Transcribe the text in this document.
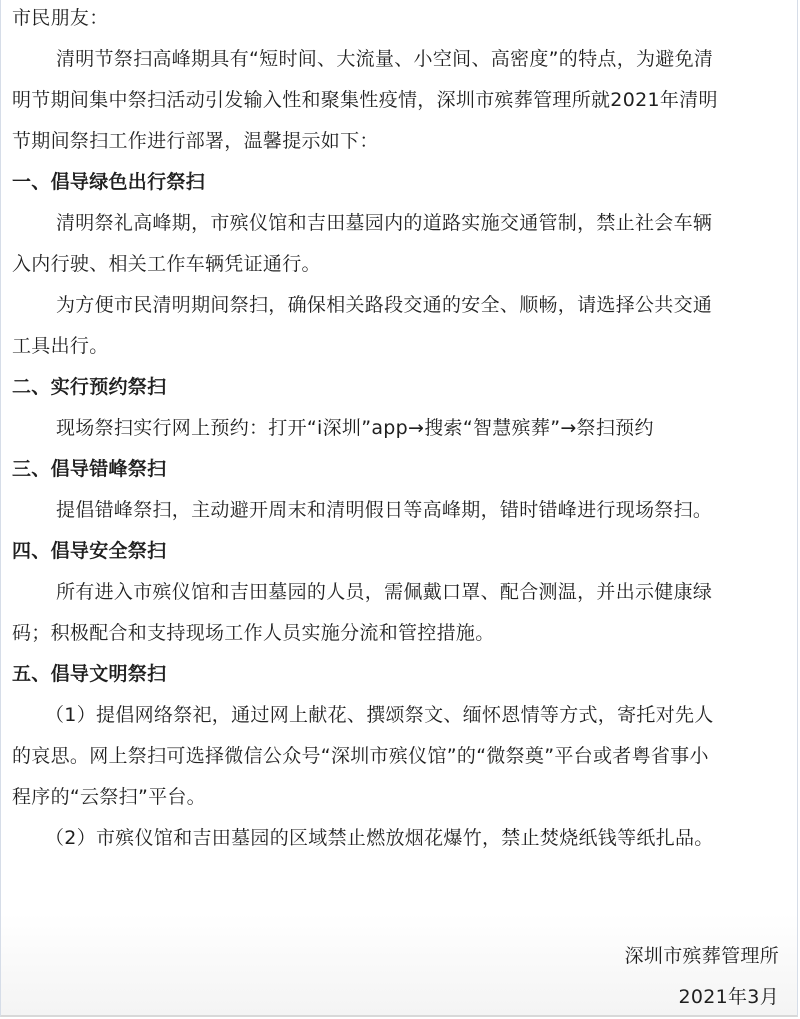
市民朋友：
清明节祭扫高峰期具有“短时间、大流量、小空间、高密度”的特点，为避免清
明节期间集中祭扫活动引发输入性和聚集性疫情，深圳市殡葬管理所就2021年清明
节期间祭扫工作进行部署，温馨提示如下：
一、倡导绿色出行祭扫
清明祭礼高峰期，市殡仪馆和吉田墓园内的道路实施交通管制，禁止社会车辆
入内行驶、相关工作车辆凭证通行。
为方便市民清明期间祭扫，确保相关路段交通的安全、顺畅，请选择公共交通
工具出行。
二、实行预约祭扫
现场祭扫实行网上预约：打开“i深圳”app→搜索“智慧殡葬”→祭扫预约
三、倡导错峰祭扫
提倡错峰祭扫，主动避开周末和清明假日等高峰期，错时错峰进行现场祭扫。
四、倡导安全祭扫
所有进入市殡仪馆和吉田墓园的人员，需佩戴口罩、配合测温，并出示健康绿
码；积极配合和支持现场工作人员实施分流和管控措施。
五、倡导文明祭扫
（1）提倡网络祭祀，通过网上献花、撰颂祭文、缅怀恩情等方式，寄托对先人
的哀思。网上祭扫可选择微信公众号“深圳市殡仪馆”的“微祭奠”平台或者粤省事小
程序的“云祭扫”平台。
（2）市殡仪馆和吉田墓园的区域禁止燃放烟花爆竹，禁止焚烧纸钱等纸扎品。
深圳市殡葬管理所
2021年3月
